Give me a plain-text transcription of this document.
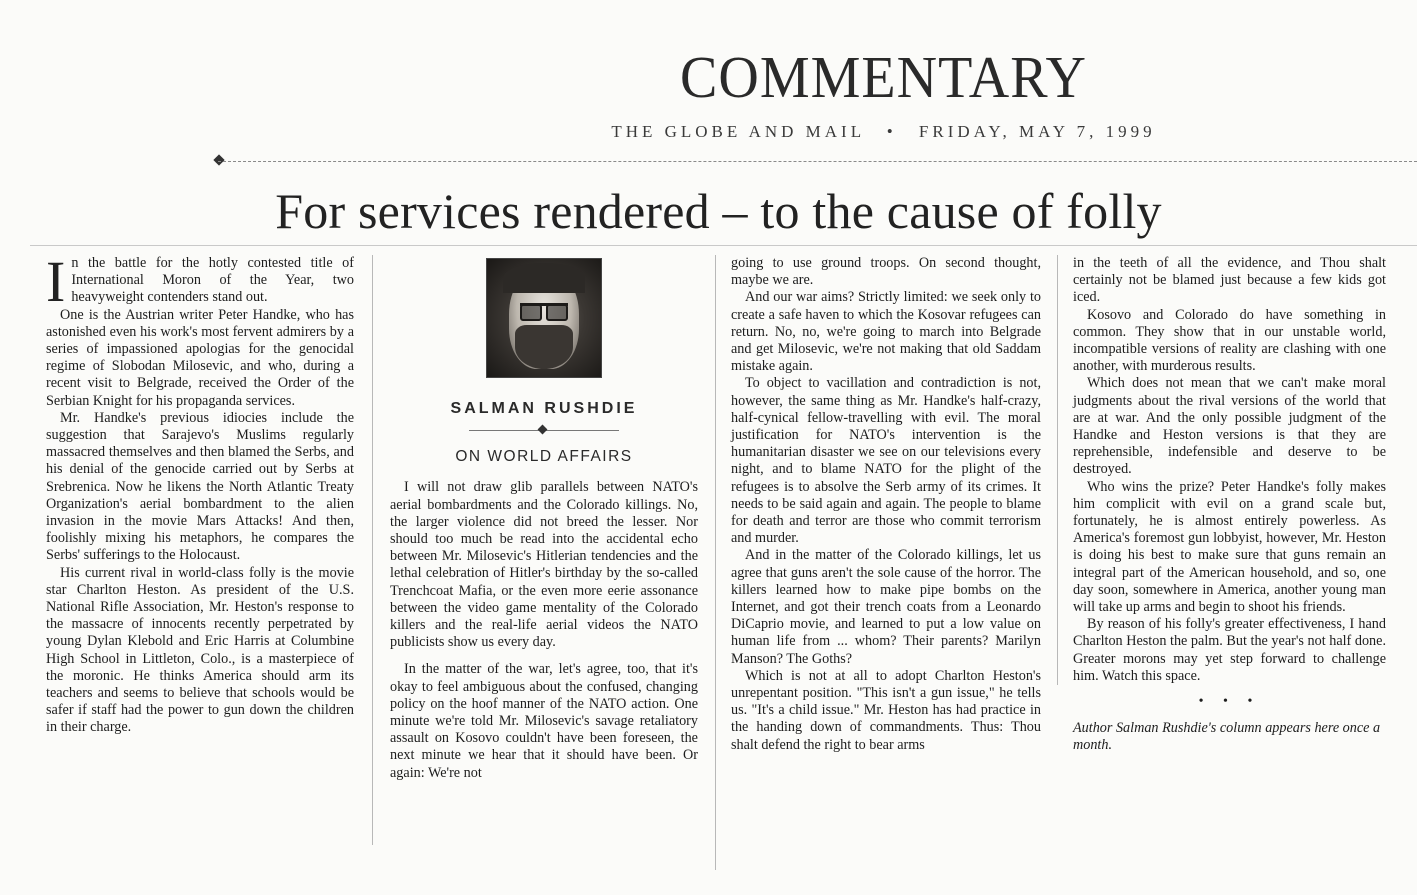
COMMENTARY
THE GLOBE AND MAIL • FRIDAY, MAY 7, 1999
For services rendered – to the cause of folly

In the battle for the hotly contested title of International Moron of the Year, two heavyweight contenders stand out.

One is the Austrian writer Peter Handke, who has astonished even his work's most fervent admirers by a series of impassioned apologias for the genocidal regime of Slobodan Milosevic, and who, during a recent visit to Belgrade, received the Order of the Serbian Knight for his propaganda services.

Mr. Handke's previous idiocies include the suggestion that Sarajevo's Muslims regularly massacred themselves and then blamed the Serbs, and his denial of the genocide carried out by Serbs at Srebrenica. Now he likens the North Atlantic Treaty Organization's aerial bombardment to the alien invasion in the movie Mars Attacks! And then, foolishly mixing his metaphors, he compares the Serbs' sufferings to the Holocaust.

His current rival in world-class folly is the movie star Charlton Heston. As president of the U.S. National Rifle Association, Mr. Heston's response to the massacre of innocents recently perpetrated by young Dylan Klebold and Eric Harris at Columbine High School in Littleton, Colo., is a masterpiece of the moronic. He thinks America should arm its teachers and seems to believe that schools would be safer if staff had the power to gun down the children in their charge.

SALMAN RUSHDIE
ON WORLD AFFAIRS

I will not draw glib parallels between NATO's aerial bombardments and the Colorado killings. No, the larger violence did not breed the lesser. Nor should too much be read into the accidental echo between Mr. Milosevic's Hitlerian tendencies and the lethal celebration of Hitler's birthday by the so-called Trenchcoat Mafia, or the even more eerie assonance between the video game mentality of the Colorado killers and the real-life aerial videos the NATO publicists show us every day.

In the matter of the war, let's agree, too, that it's okay to feel ambiguous about the confused, changing policy on the hoof manner of the NATO action. One minute we're told Mr. Milosevic's savage retaliatory assault on Kosovo couldn't have been foreseen, the next minute we hear that it should have been. Or again: We're not

going to use ground troops. On second thought, maybe we are.

And our war aims? Strictly limited: we seek only to create a safe haven to which the Kosovar refugees can return. No, no, we're going to march into Belgrade and get Milosevic, we're not making that old Saddam mistake again.

To object to vacillation and contradiction is not, however, the same thing as Mr. Handke's half-crazy, half-cynical fellow-travelling with evil. The moral justification for NATO's intervention is the humanitarian disaster we see on our televisions every night, and to blame NATO for the plight of the refugees is to absolve the Serb army of its crimes. It needs to be said again and again. The people to blame for death and terror are those who commit terrorism and murder.

And in the matter of the Colorado killings, let us agree that guns aren't the sole cause of the horror. The killers learned how to make pipe bombs on the Internet, and got their trench coats from a Leonardo DiCaprio movie, and learned to put a low value on human life from ... whom? Their parents? Marilyn Manson? The Goths?

Which is not at all to adopt Charlton Heston's unrepentant position. "This isn't a gun issue," he tells us. "It's a child issue." Mr. Heston has had practice in the handing down of commandments. Thus: Thou shalt defend the right to bear arms

in the teeth of all the evidence, and Thou shalt certainly not be blamed just because a few kids got iced.

Kosovo and Colorado do have something in common. They show that in our unstable world, incompatible versions of reality are clashing with one another, with murderous results.

Which does not mean that we can't make moral judgments about the rival versions of the world that are at war. And the only possible judgment of the Handke and Heston versions is that they are reprehensible, indefensible and deserve to be destroyed.

Who wins the prize? Peter Handke's folly makes him complicit with evil on a grand scale but, fortunately, he is almost entirely powerless. As America's foremost gun lobbyist, however, Mr. Heston is doing his best to make sure that guns remain an integral part of the American household, and so, one day soon, somewhere in America, another young man will take up arms and begin to shoot his friends.

By reason of his folly's greater effectiveness, I hand Charlton Heston the palm. But the year's not half done. Greater morons may yet step forward to challenge him. Watch this space.

• • •

Author Salman Rushdie's column appears here once a month.
